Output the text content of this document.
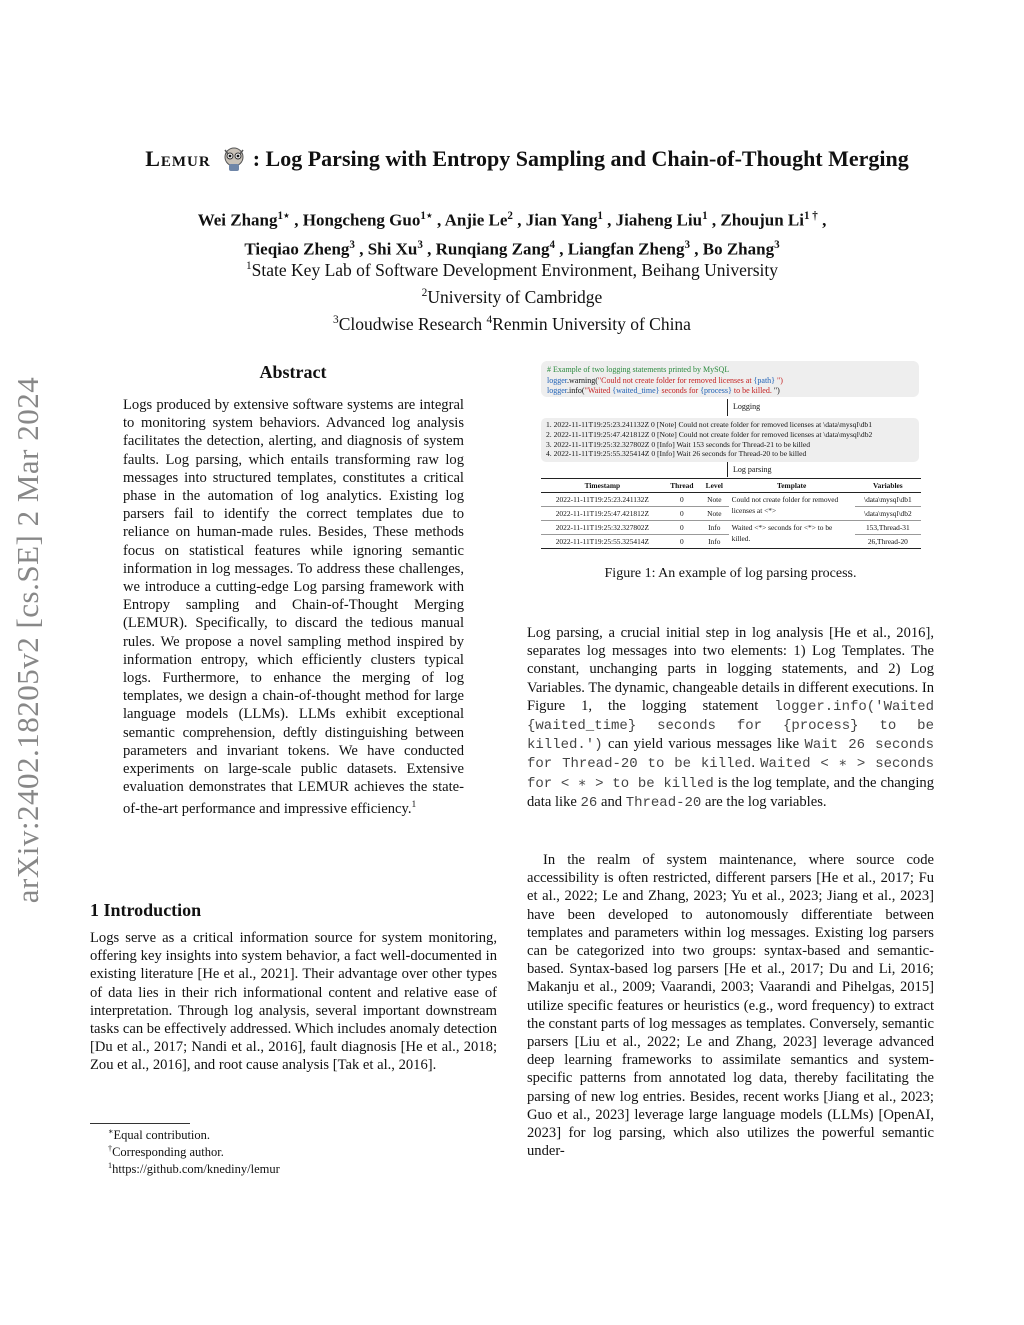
arXiv:2402.18205v2 [cs.SE] 2 Mar 2024
Lemur : Log Parsing with Entropy Sampling and Chain-of-Thought Merging
Wei Zhang$^{1⋆}$ , Hongcheng Guo$^{1⋆}$ , Anjie Le$^2$ , Jian Yang$^1$ , Jiaheng Liu$^1$ , Zhoujun $Li^{1 \dagger}$ ,
Tieqiao Zheng$^3$ , Shi Xu$^3$ , Runqiang Zang$^4$ , Liangfan Zheng$^3$ , Bo Zhang$^3$
$^1$State Key Lab of Software Development Environment, Beihang University
$^2$University of Cambridge
$^3$Cloudwise Research $^4$Renmin University of China
Abstract
Logs produced by extensive software systems are integral to monitoring system behaviors. Advanced log analysis facilitates the detection, alerting, and diagnosis of system faults. Log parsing, which entails transforming raw log messages into structured templates, constitutes a critical phase in the automation of log analytics. Existing log parsers fail to identify the correct templates due to reliance on human-made rules. Besides, These methods focus on statistical features while ignoring semantic information in log messages. To address these challenges, we introduce a cutting-edge Log parsing framework with Entropy sampling and Chain-of-Thought Merging (LEMUR). Specifically, to discard the tedious manual rules. We propose a novel sampling method inspired by information entropy, which efficiently clusters typical logs. Furthermore, to enhance the merging of log templates, we design a chain-of-thought method for large language models (LLMs). LLMs exhibit exceptional semantic comprehension, deftly distinguishing between parameters and invariant tokens. We have conducted experiments on large-scale public datasets. Extensive evaluation demonstrates that LEMUR achieves the state-of-the-art performance and impressive efficiency.$^1$
1 Introduction
Logs serve as a critical information source for system monitoring, offering key insights into system behavior, a fact well-documented in existing literature [He et al., 2021]. Their advantage over other types of data lies in their rich informational content and relative ease of interpretation. Through log analysis, several important downstream tasks can be effectively addressed. Which includes anomaly detection [Du et al., 2017; Nandi et al., 2016], fault diagnosis [He et al., 2018; Zou et al., 2016], and root cause analysis [Tak et al., 2016].
∗Equal contribution.
†Corresponding author.
$^1$https://github.com/knediny/lemur
# Example of two logging statements printed by MySQL
logger.warning("Could not create folder for removed licenses at {path} ")
logger.info("Waited {waited_time} seconds for {process} to be killed. ")
Logging
1. 2022-11-11T19:25:23.241132Z 0 [Note] Could not create folder for removed licenses at \data\mysql\db1
2. 2022-11-11T19:25:47.421812Z 0 [Note] Could not create folder for removed licenses at \data\mysql\db2
3. 2022-11-11T19:25:32.327802Z 0 [Info] Wait 153 seconds for Thread-21 to be killed
4. 2022-11-11T19:25:55.325414Z 0 [Info] Wait 26 seconds for Thread-20 to be killed
Log parsing
Timestamp	Thread	Level	Template	Variables
2022-11-11T19:25:23.241132Z	0	Note	Could not create folder for removed licenses at <*>	\data\mysql\db1
2022-11-11T19:25:47.421812Z	0	Note		\data\mysql\db2
2022-11-11T19:25:32.327802Z	0	Info	Waited <*> seconds for <*> to be killed.	153,Thread-31
2022-11-11T19:25:55.325414Z	0	Info		26,Thread-20
Figure 1: An example of log parsing process.
Log parsing, a crucial initial step in log analysis [He et al., 2016], separates log messages into two elements: 1) Log Templates. The constant, unchanging parts in logging statements, and 2) Log Variables. The dynamic, changeable details in different executions. In Figure 1, the logging statement logger.info('Waited {waited_time} seconds for {process} to be killed.') can yield various messages like Wait 26 seconds for Thread-20 to be killed. Waited < ∗ > seconds for < ∗ > to be killed is the log template, and the changing data like 26 and Thread-20 are the log variables.
In the realm of system maintenance, where source code accessibility is often restricted, different parsers [He et al., 2017; Fu et al., 2022; Le and Zhang, 2023; Yu et al., 2023; Jiang et al., 2023] have been developed to autonomously differentiate between templates and parameters within log messages. Existing log parsers can be categorized into two groups: syntax-based and semantic-based. Syntax-based log parsers [He et al., 2017; Du and Li, 2016; Makanju et al., 2009; Vaarandi, 2003; Vaarandi and Pihelgas, 2015] utilize specific features or heuristics (e.g., word frequency) to extract the constant parts of log messages as templates. Conversely, semantic parsers [Liu et al., 2022; Le and Zhang, 2023] leverage advanced deep learning frameworks to assimilate semantics and system-specific patterns from annotated log data, thereby facilitating the parsing of new log entries. Besides, recent works [Jiang et al., 2023; Guo et al., 2023] leverage large language models (LLMs) [OpenAI, 2023] for log parsing, which also utilizes the powerful semantic under-
